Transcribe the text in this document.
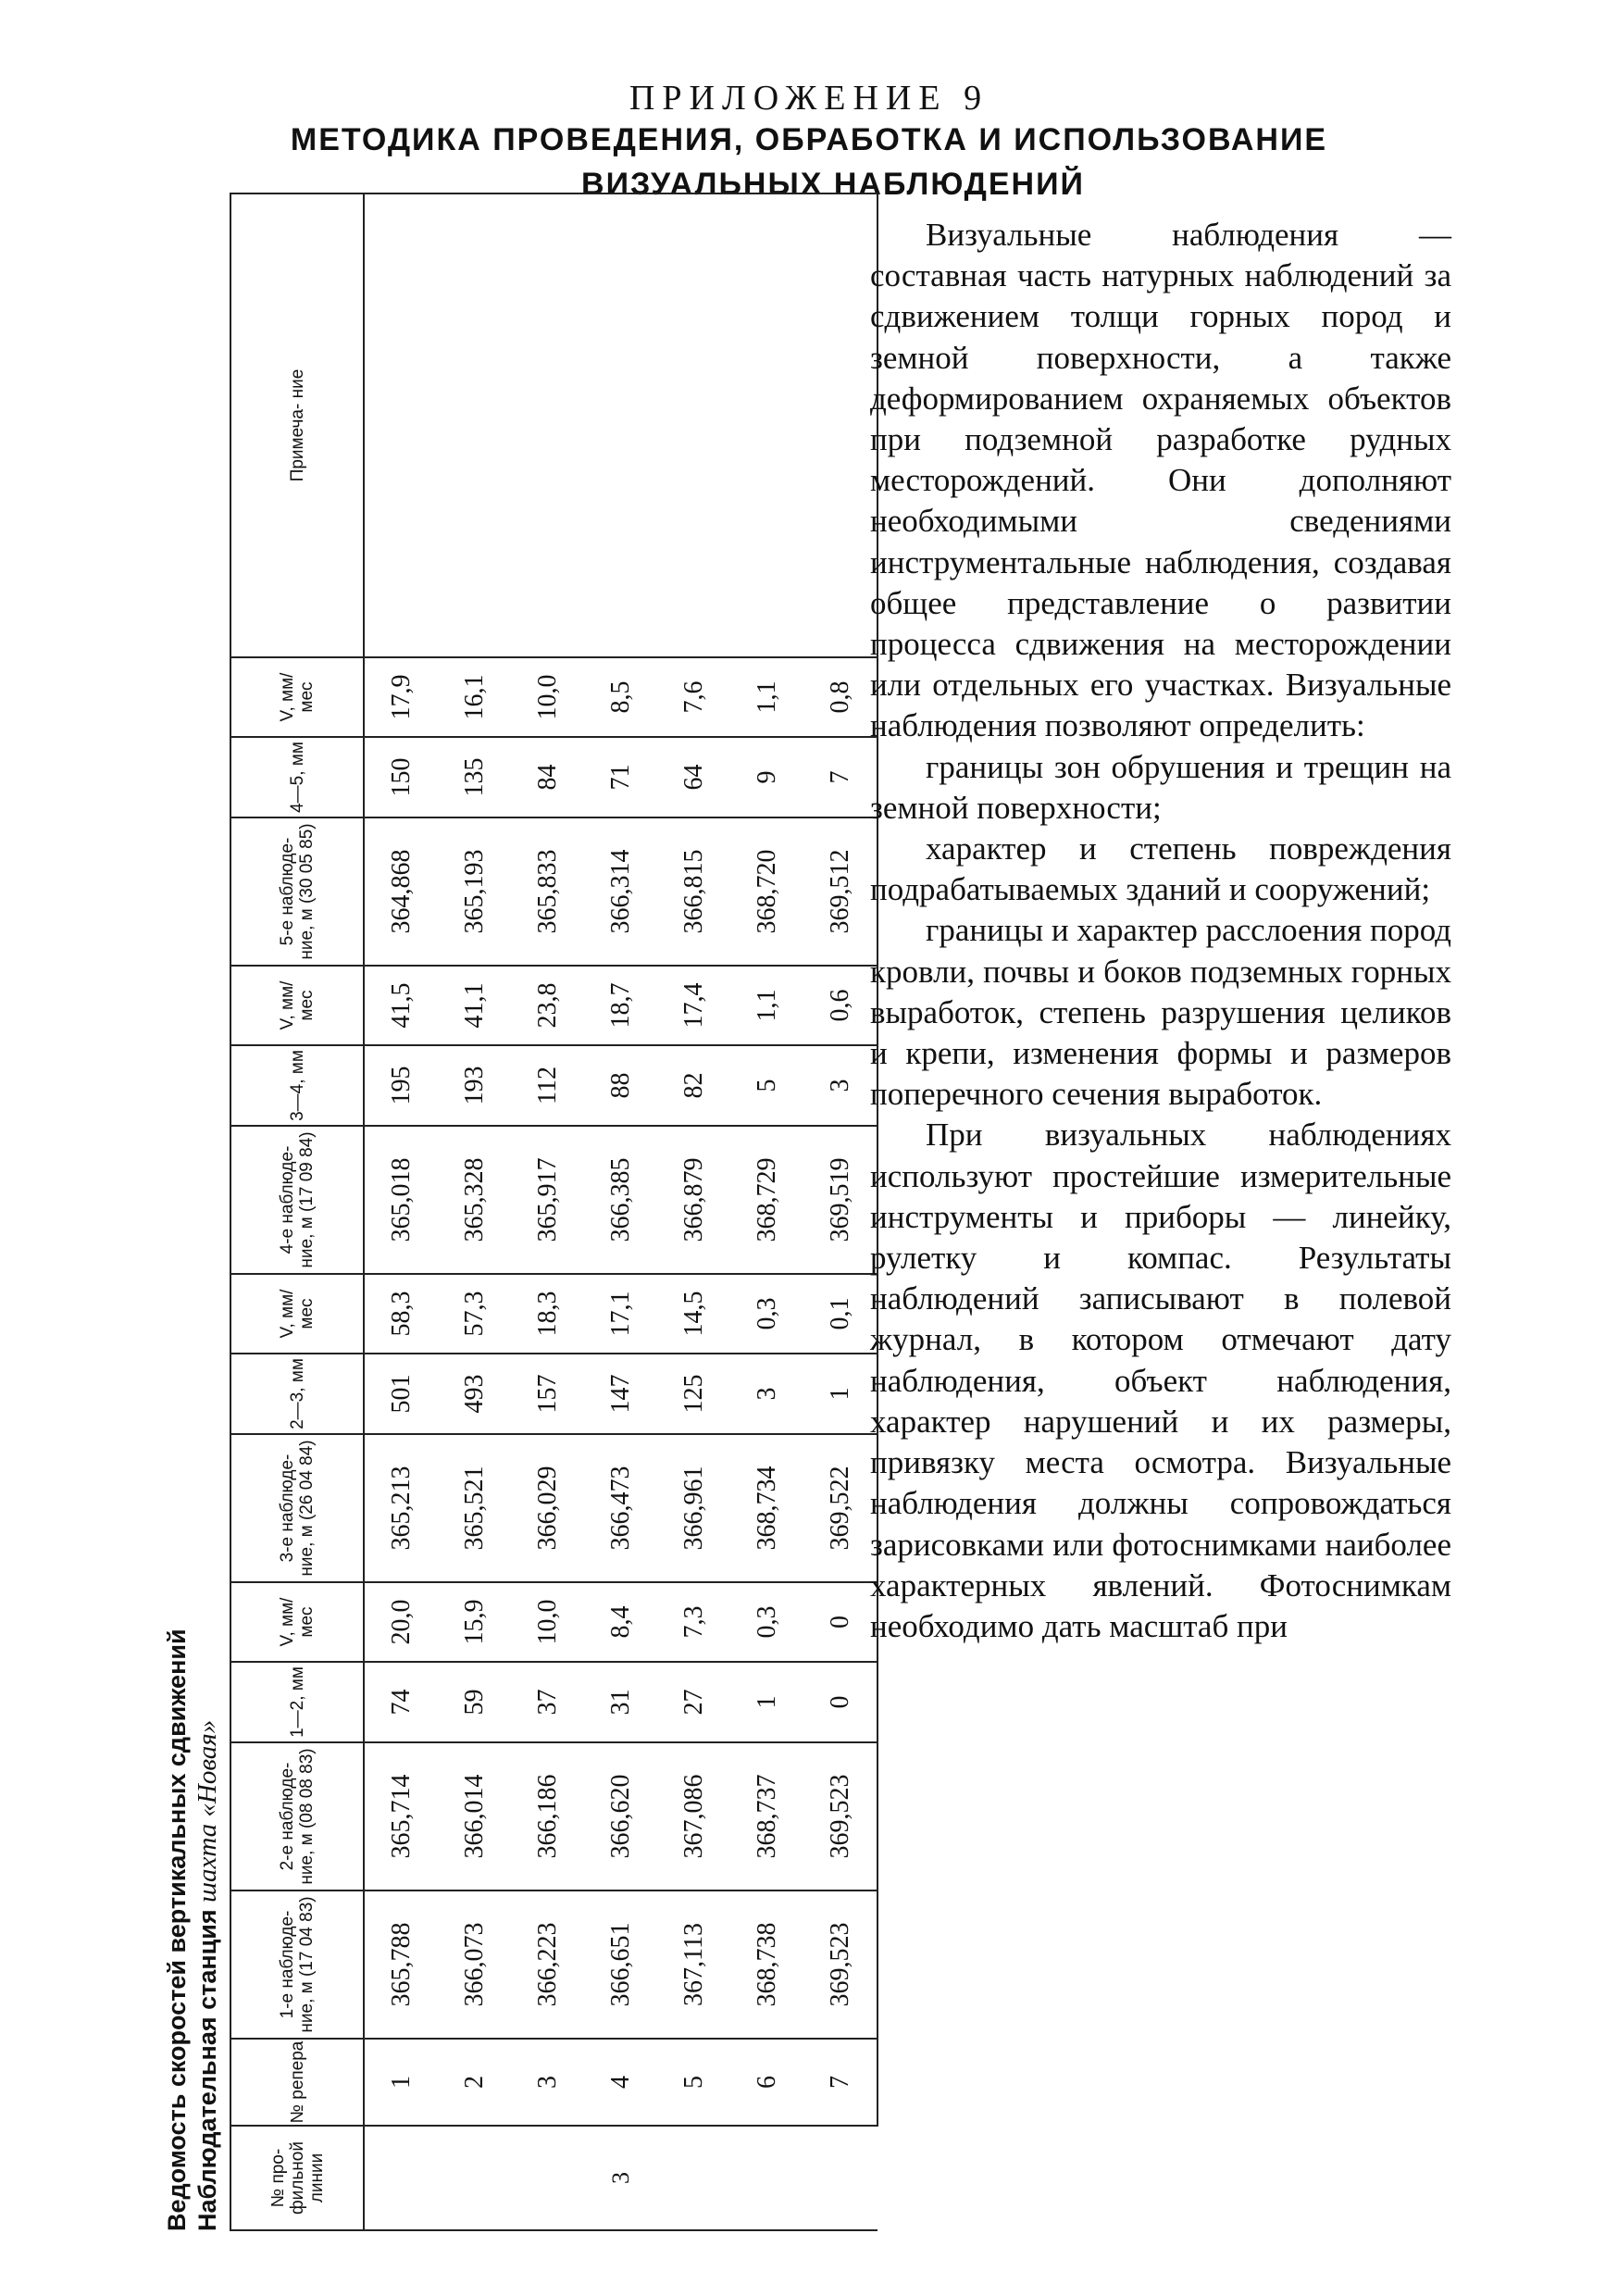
ПРИЛОЖЕНИЕ 9
МЕТОДИКА ПРОВЕДЕНИЯ, ОБРАБОТКА И ИСПОЛЬЗОВАНИЕ
ВИЗУАЛЬНЫХ НАБЛЮДЕНИЙ
Ведомость скоростей вертикальных сдвижений Наблюдательная станция шахта «Новая»
№ про- фильной линии	№ репера	1-е наблюде- ние, м (17 04 83)	2-е наблюде- ние, м (08 08 83)	1—2, мм	V, мм/мес	3-е наблюде- ние, м (26 04 84)	2—3, мм	V, мм/мес	4-е наблюде- ние, м (17 09 84)	3—4, мм	V, мм/мес	5-е наблюде- ние, м (30 05 85)	4—5, мм	V, мм/мес	Примеча- ние
3	1	365,788	365,714	74	20,0	365,213	501	58,3	365,018	195	41,5	364,868	150	17,9	
	2	366,073	366,014	59	15,9	365,521	493	57,3	365,328	193	41,1	365,193	135	16,1	
	3	366,223	366,186	37	10,0	366,029	157	18,3	365,917	112	23,8	365,833	84	10,0	
	4	366,651	366,620	31	8,4	366,473	147	17,1	366,385	88	18,7	366,314	71	8,5	
	5	367,113	367,086	27	7,3	366,961	125	14,5	366,879	82	17,4	366,815	64	7,6	
	6	368,738	368,737	1	0,3	368,734	3	0,3	368,729	5	1,1	368,720	9	1,1	
	7	369,523	369,523	0	0	369,522	1	0,1	369,519	3	0,6	369,512	7	0,8	

Визуальные наблюдения — составная часть натурных наблюдений за сдвижением толщи горных пород и земной поверхности, а также деформированием охраняемых объектов при подземной разработке рудных месторождений. Они дополняют необходимыми сведениями инструментальные наблюдения, создавая общее представление о развитии процесса сдвижения на месторождении или отдельных его участках. Визуальные наблюдения позволяют определить:

границы зон обрушения и трещин на земной поверхности;

характер и степень повреждения подрабатываемых зданий и сооружений;

границы и характер расслоения пород кровли, почвы и боков подземных горных выработок, степень разрушения целиков и крепи, изменения формы и размеров поперечного сечения выработок.

При визуальных наблюдениях используют простейшие измерительные инструменты и приборы — линейку, рулетку и компас. Результаты наблюдений записывают в полевой журнал, в котором отмечают дату наблюдения, объект наблюдения, характер нарушений и их размеры, привязку места осмотра. Визуальные наблюдения должны сопровождаться зарисовками или фотоснимками наиболее характерных явлений. Фотоснимкам необходимо дать масштаб при
